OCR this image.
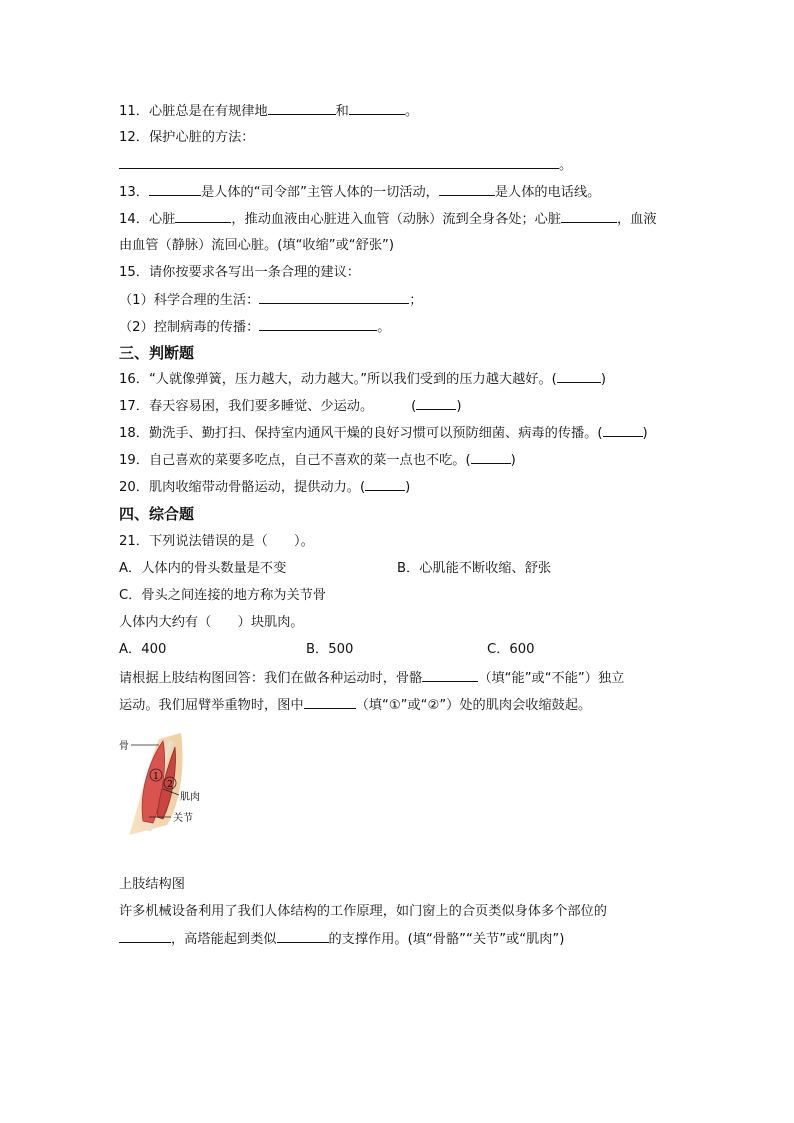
11．心脏总是在有规律地	和	。
12．保护心脏的方法：
。
13．	是人体的“司令部”主管人体的一切活动，	是人体的电话线。
14．心脏	，推动血液由心脏进入血管（动脉）流到全身各处；心脏	，血液
由血管（静脉）流回心脏。(填“收缩”或“舒张”)
15．请你按要求各写出一条合理的建议：
（1）科学合理的生活：	；
（2）控制病毒的传播：	。
三、判断题
16．“人就像弹簧，压力越大，动力越大。”所以我们受到的压力越大越好。(	)
17．春天容易困，我们要多睡觉、少运动。	(	)
18．勤洗手、勤打扫、保持室内通风干燥的良好习惯可以预防细菌、病毒的传播。(	)
19．自己喜欢的菜要多吃点，自己不喜欢的菜一点也不吃。(	)
20．肌肉收缩带动骨骼运动，提供动力。(	)
四、综合题
21．下列说法错误的是（　　）。
A．人体内的骨头数量是不变	B．心肌能不断收缩、舒张
C．骨头之间连接的地方称为关节骨
人体内大约有（　　）块肌肉。
A．400	B．500	C．600
请根据上肢结构图回答：我们在做各种运动时，骨骼	（填“能”或“不能”）独立
运动。我们屈臂举重物时，图中	（填“①”或“②”）处的肌肉会收缩鼓起。
1
2
骨
肌肉
关节
上肢结构图
许多机械设备利用了我们人体结构的工作原理，如门窗上的合页类似身体多个部位的
，高塔能起到类似	的支撑作用。(填“骨骼”“关节”或“肌肉”)
